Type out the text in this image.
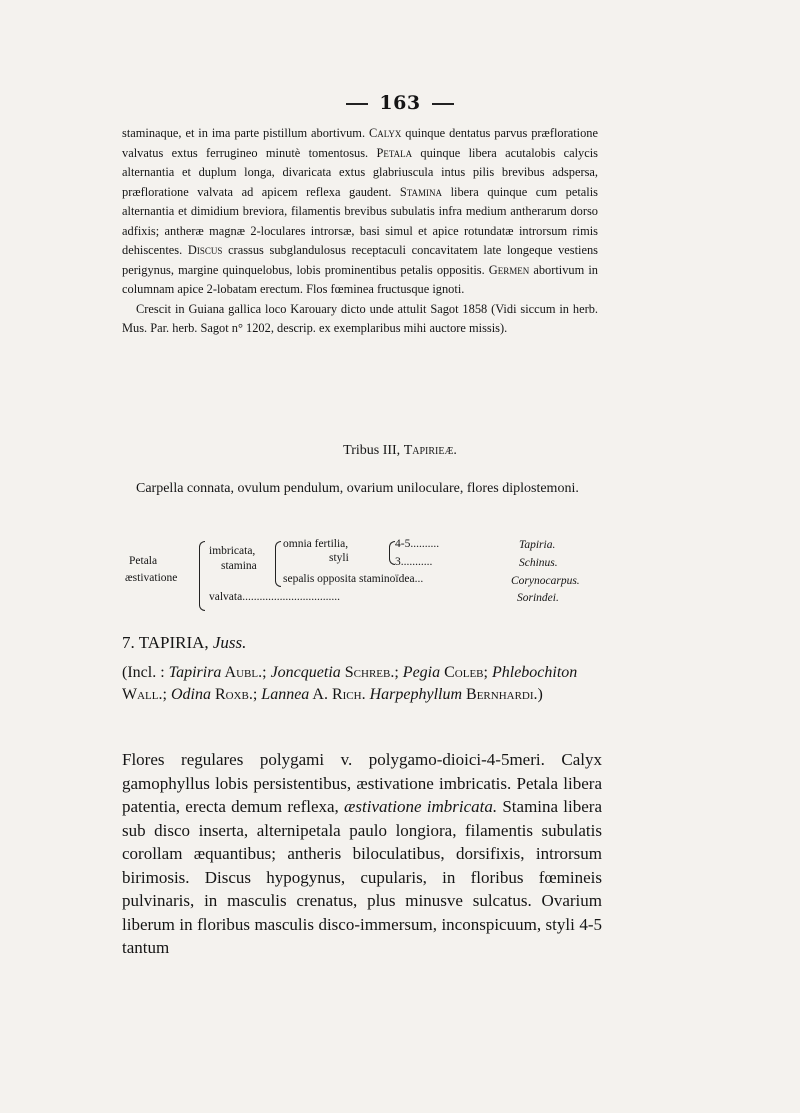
163

staminaque, et in ima parte pistillum abortivum. Calyx quinque dentatus parvus præfloratione valvatus extus ferrugineo minutè tomentosus. Petala quinque libera acutalobis calycis alternantia et duplum longa, divaricata extus glabriuscula intus pilis brevibus adspersa, præfloratione valvata ad apicem reflexa gaudent. Stamina libera quinque cum petalis alternantia et dimidium breviora, filamentis brevibus subulatis infra medium antherarum dorso adfixis; antheræ magnæ 2-loculares introrsæ, basi simul et apice rotundatæ introrsum rimis dehiscentes. Discus crassus subglandulosus receptaculi concavitatem late longeque vestiens perigynus, margine quinquelobus, lobis prominentibus petalis oppositis. Germen abortivum in columnam apice 2-lobatam erectum. Flos fœminea fructusque ignoti.

Crescit in Guiana gallica loco Karouary dicto unde attulit Sagot 1858 (Vidi siccum in herb. Mus. Par. herb. Sagot n° 1202, descrip. ex exemplaribus mihi auctore missis).

Tribus III, Tapirieæ.
Carpella connata, ovulum pendulum, ovarium uniloculare, flores diplostemoni.
Petala
æstivatione
imbricata,
stamina
omnia fertilia,
styli
4-5..........
3...........
sepalis opposita staminoïdea...
valvata..................................
Tapiria.
Schinus.
Corynocarpus.
Sorindei.
7. TAPIRIA, Juss.
(Incl. : Tapirira Aubl.; Joncquetia Schreb.; Pegia Coleb; Phlebochiton Wall.; Odina Roxb.; Lannea A. Rich. Harpephyllum Bernhardi.)

Flores regulares polygami v. polygamo-dioici-4-5meri. Calyx gamophyllus lobis persistentibus, æstivatione imbricatis. Petala libera patentia, erecta demum reflexa, æstivatione imbricata. Stamina libera sub disco inserta, alternipetala paulo longiora, filamentis subulatis corollam æquantibus; antheris biloculatibus, dorsifixis, introrsum birimosis. Discus hypogynus, cupularis, in floribus fœmineis pulvinaris, in masculis crenatus, plus minusve sulcatus. Ovarium liberum in floribus masculis disco-immersum, inconspicuum, styli 4-5 tantum
